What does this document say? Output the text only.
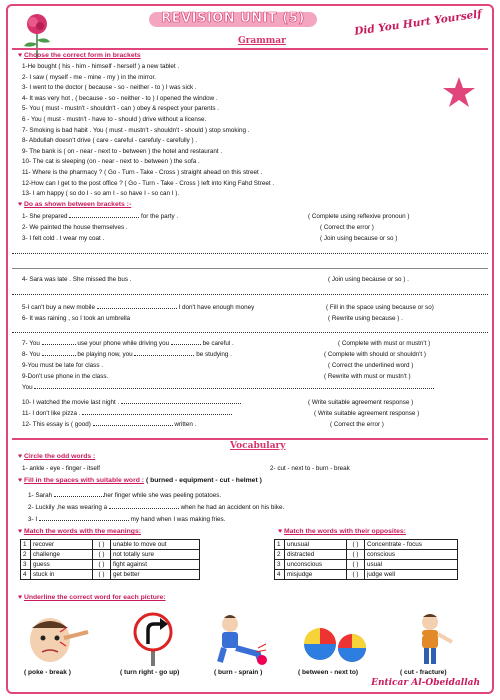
REVISION UNIT (5)
Grammar
Did You Hurt Yourself
♥ Choose the correct form in brackets
♥ Do as shown between brackets :-
1- She prepared	for the party .	( Complete using reflexive pronoun )
2- We painted the house themselves .	( Correct the error )
3- I felt cold . I wear my coat .	( Join using because or so )
4- Sara was late . She missed the bus .	( Join using because or so ) .
5-I can't buy a new mobile	I don't have enough money	( Fill in the space using because or so)
6- It was raining , so I took an umbrella	( Rewrite using because ) .
7- You	use your phone while driving you	be careful .	( Complete with must or mustn't )
8- You	be playing now, you	be studying .	( Complete with should or shouldn't )
9-You must be late for class .	( Correct the underlined word )
9-Don't use phone in the class.	( Rewrite with must or mustn't )
You
10- I watched the movie last night .	( Write suitable agreement response )
11- I don't like pizza .	( Write suitable agreement response )
12- This essay is ( good)	written .	( Correct the error )
Vocabulary
♥ Circle the odd words :
1- ankle - eye - finger - itself	2- cut - next to - burn - break
♥ Fill in the spaces with suitable word : ( burned - equipment - cut - helmet )
1- Sarah	her finger while she was peeling potatoes.
2- Luckily ,he was wearing a	when he had an accident on his bike.
3- I	my hand when I was making fries.
♥ Match the words with the meanings:	♥ Match the words with their opposites:
1	recover	( )	unable to move out
2	challenge	( )	not totally sure
3	guess	( )	fight against
4	stuck in	( )	get better
1	unusual	( )	Concentrate - focus
2	distracted	( )	conscious
3	unconscious	( )	usual
4	misjudge	( )	judge well
♥ Underline the correct word for each picture:
( poke - break )	( turn right - go up)	( burn - sprain )	( between - next to)	( cut - fracture)
Enticar Al-Obeidallah
1-He bought ( his - him - himself - herself ) a new tablet .
2- I saw ( myself - me - mine - my ) in the mirror.
3- I went to the doctor ( because - so - neither - to ) I was sick .
4- It was very hot , ( because - so - neither - to ) I opened the window .
5- You ( must - mustn't - shouldn't - can ) obey & respect your parents .
6 - You ( must - mustn't - have to - should ) drive without a license.
7- Smoking is bad habit . You ( must - mustn't - shouldn't - should ) stop smoking .
8- Abdullah doesn't drive ( care - careful - carefuly - carefully ) .
9- The bank is ( on - near - next to - between ) the hotel and restaurant .
10- The cat is sleeping (on - near - next to - between ) the sofa .
11- Where is the pharmacy ? ( Go - Turn - Take - Cross ) straight ahead on this street .
12-How can I get to the post office ? ( Go - Turn - Take - Cross ) left into King Fahd Street .
13- I am happy ( so do I - so am I - so have I - so can I ).
